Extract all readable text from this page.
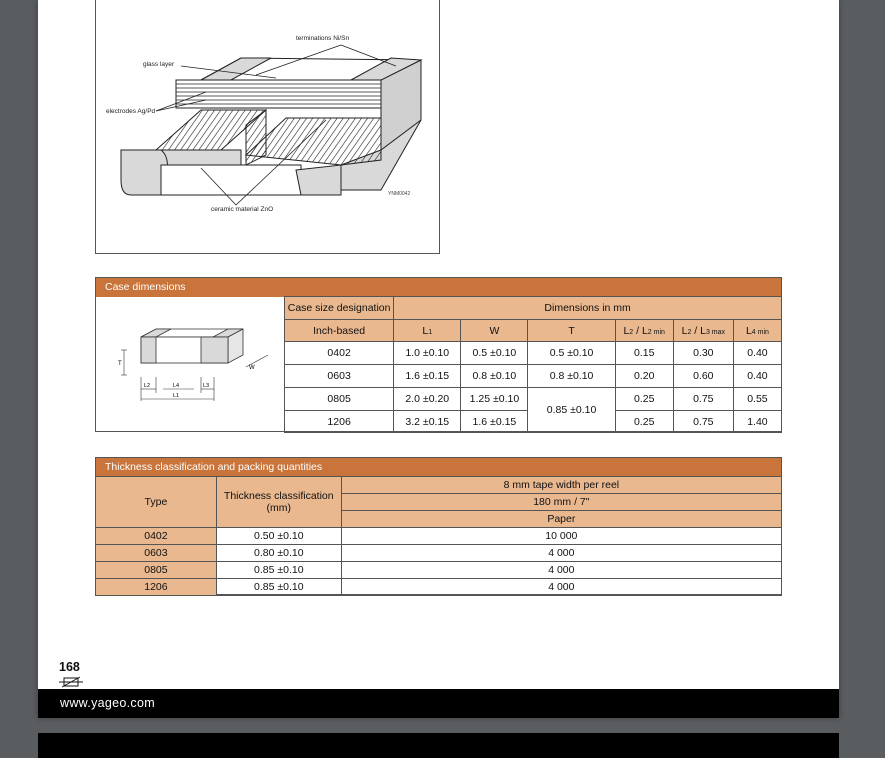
terminations Ni/Sn
glass layer
electrodes Ag/Pd
ceramic material ZnO
YNM0042
Case dimensions
T
W
L2	L4	L3
L1
Case size designation	Dimensions in mm					
Inch-based	L1	W	T	L2 / L2 min	L2 / L3 max	L4 min
0402	1.0 ±0.10	0.5 ±0.10	0.5 ±0.10	0.15	0.30	0.40
0603	1.6 ±0.15	0.8 ±0.10	0.8 ±0.10	0.20	0.60	0.40
0805	2.0 ±0.20	1.25 ±0.10	0.85 ±0.10	0.25	0.75	0.55
1206	3.2 ±0.15	1.6 ±0.15		0.25	0.75	1.40
Thickness classification and packing quantities
Type	Thickness classification (mm)	8 mm tape width per reel
		180 mm / 7"
		Paper
0402	0.50 ±0.10	10 000
0603	0.80 ±0.10	4 000
0805	0.85 ±0.10	4 000
1206	0.85 ±0.10	4 000
168
www.yageo.com
